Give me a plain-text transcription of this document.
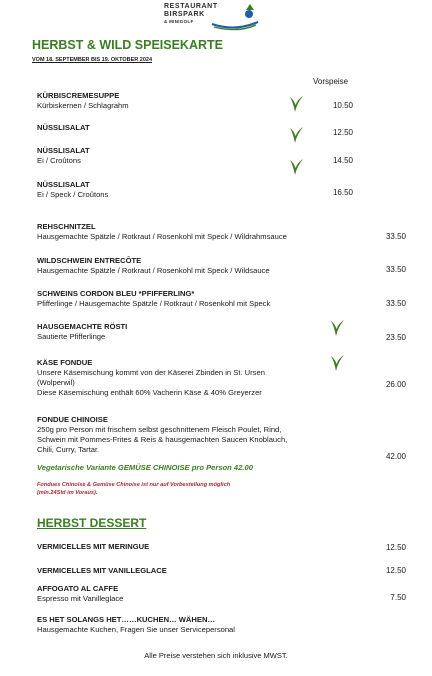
RESTAURANT
BIRSPARK
& MINIGOLF
HERBST & WILD SPEISEKARTE
VOM 18. SEPTEMBER BIS 19. OKTOBER 2024
Vorspeise
KÜRBISCREMESUPPE
Kürbiskernen / Schlagrahm	10.50
NÜSSLISALAT
12.50
NÜSSLISALAT
Ei / Croûtons	14.50
NÜSSLISALAT
Ei / Speck / Croûtons	16.50
REHSCHNITZEL
Hausgemachte Spätzle / Rotkraut / Rosenkohl mit Speck / Wildrahmsauce	33.50
WILDSCHWEIN ENTRECÔTE
Hausgemachte Spätzle / Rotkraut / Rosenkohl mit Speck / Wildsauce	33.50
SCHWEINS CORDON BLEU *PFIFFERLING*
Pfifferlinge / Hausgemachte Spätzle / Rotkraut / Rosenkohl mit Speck	33.50
HAUSGEMACHTE RÖSTI
Sautierte Pfifferlinge	23.50
KÄSE FONDUE
Unsere Käsemischung kommt von der Käserei Zbinden in St. Ursen
(Wolperwil)
Diese Käsemischung enthält 60% Vacherin Käse & 40% Greyerzer
26.00
FONDUE CHINOISE
250g pro Person mit frischem selbst geschnittenem Fleisch Poulet, Rind,
Schwein mit Pommes-Frites & Reis & hausgemachten Saucen Knoblauch,
Chili, Curry, Tartar.
Vegetarische Variante GEMÜSE CHINOISE pro Person 42.00
42.00
Fondues Chinoise & Gemüse Chinoise ist nur auf Vorbestellung möglich
(min.24Std im Voraus).
HERBST DESSERT
VERMICELLES MIT MERINGUE	12.50
VERMICELLES MIT VANILLEGLACE	12.50
AFFOGATO AL CAFFE
Espresso mit Vanilleglace	7.50
ES HET SOLANGS HET……KUCHEN… WÄHEN…
Hausgemachte Kuchen, Fragen Sie unser Servicepersonal
Alle Preise verstehen sich inklusive MWST.
